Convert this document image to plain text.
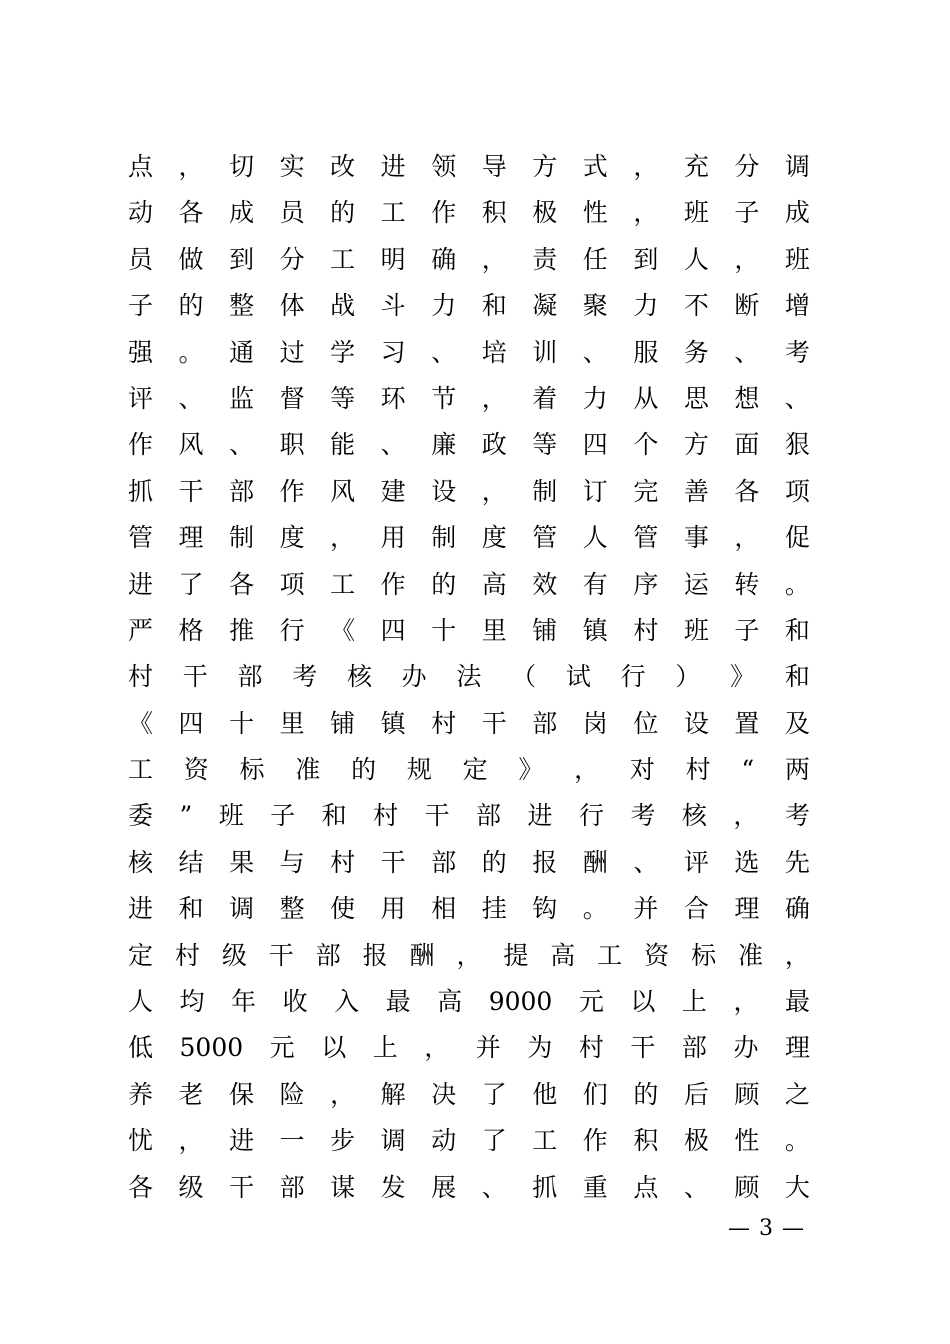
点 ， 切 实 改 进 领 导 方 式 ， 充 分 调
动 各 成 员 的 工 作 积 极 性 ， 班 子 成
员 做 到 分 工 明 确 ， 责 任 到 人 ， 班
子 的 整 体 战 斗 力 和 凝 聚 力 不 断 增
强 。 通 过 学 习 、 培 训 、 服 务 、 考
评 、 监 督 等 环 节 ， 着 力 从 思 想 、
作 风 、 职 能 、 廉 政 等 四 个 方 面 狠
抓 干 部 作 风 建 设 ， 制 订 完 善 各 项
管 理 制 度 ， 用 制 度 管 人 管 事 ， 促
进 了 各 项 工 作 的 高 效 有 序 运 转 。
严 格 推 行 《 四 十 里 铺 镇 村 班 子 和
村 干 部 考 核 办 法 （ 试 行 ） 》 和
《 四 十 里 铺 镇 村 干 部 岗 位 设 置 及
工 资 标 准 的 规 定 》 ， 对 村 “ 两
委 ” 班 子 和 村 干 部 进 行 考 核 ， 考
核 结 果 与 村 干 部 的 报 酬 、 评 选 先
进 和 调 整 使 用 相 挂 钩 。 并 合 理 确
定 村 级 干 部 报 酬 ， 提 高 工 资 标 准 ，
人 均 年 收 入 最 高 9000 元 以 上 ， 最
低 5000 元 以 上 ， 并 为 村 干 部 办 理
养 老 保 险 ， 解 决 了 他 们 的 后 顾 之
忧 ， 进 一 步 调 动 了 工 作 积 极 性 。
各 级 干 部 谋 发 展 、 抓 重 点 、 顾 大
— 3 —
